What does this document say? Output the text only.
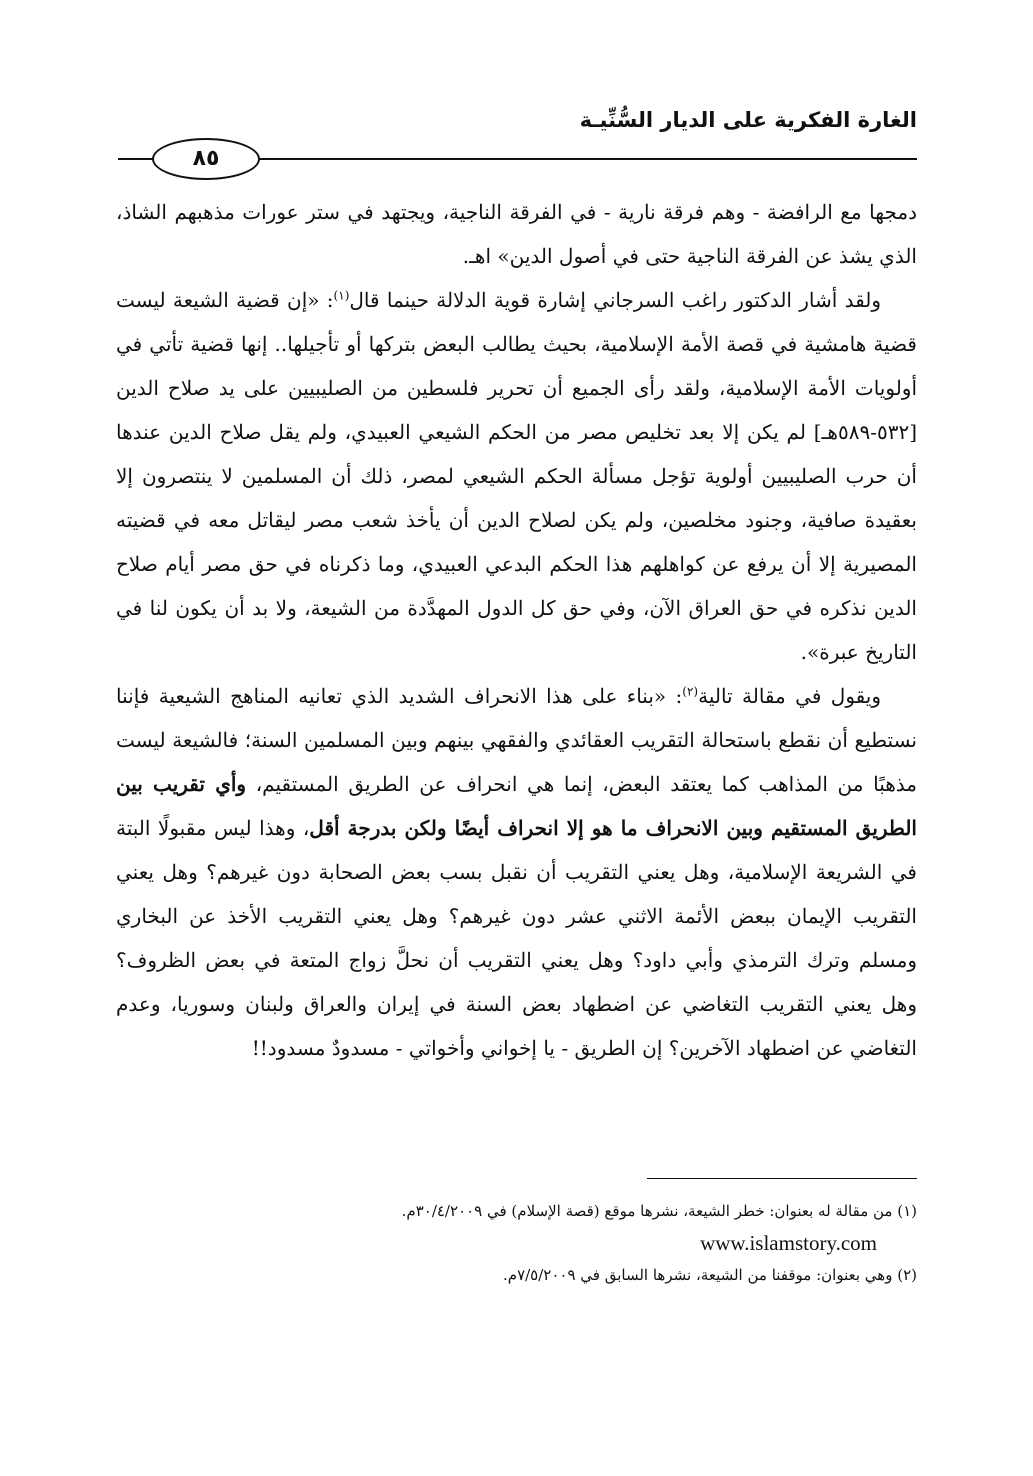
الغارة الفكرية على الديار السُّنِّيـة
٨٥

دمجها مع الرافضة - وهم فرقة نارية - في الفرقة الناجية، ويجتهد في ستر عورات مذهبهم الشاذ، الذي يشذ عن الفرقة الناجية حتى في أصول الدين» اهـ.

ولقد أشار الدكتور راغب السرجاني إشارة قوية الدلالة حينما قال$^{(١)}$: «إن قضية الشيعة ليست قضية هامشية في قصة الأمة الإسلامية، بحيث يطالب البعض بتركها أو تأجيلها.. إنها قضية تأتي في أولويات الأمة الإسلامية، ولقد رأى الجميع أن تحرير فلسطين من الصليبيين على يد صلاح الدين [٥٣٢-٥٨٩هـ] لم يكن إلا بعد تخليص مصر من الحكم الشيعي العبيدي، ولم يقل صلاح الدين عندها أن حرب الصليبيين أولوية تؤجل مسألة الحكم الشيعي لمصر، ذلك أن المسلمين لا ينتصرون إلا بعقيدة صافية، وجنود مخلصين، ولم يكن لصلاح الدين أن يأخذ شعب مصر ليقاتل معه في قضيته المصيرية إلا أن يرفع عن كواهلهم هذا الحكم البدعي العبيدي، وما ذكرناه في حق مصر أيام صلاح الدين نذكره في حق العراق الآن، وفي حق كل الدول المهدَّدة من الشيعة، ولا بد أن يكون لنا في التاريخ عبرة».

ويقول في مقالة تالية$^{(٢)}$: «بناء على هذا الانحراف الشديد الذي تعانيه المناهج الشيعية فإننا نستطيع أن نقطع باستحالة التقريب العقائدي والفقهي بينهم وبين المسلمين السنة؛ فالشيعة ليست مذهبًا من المذاهب كما يعتقد البعض، إنما هي انحراف عن الطريق المستقيم، وأي تقريب بين الطريق المستقيم وبين الانحراف ما هو إلا انحراف أيضًا ولكن بدرجة أقل، وهذا ليس مقبولًا البتة في الشريعة الإسلامية، وهل يعني التقريب أن نقبل بسب بعض الصحابة دون غيرهم؟ وهل يعني التقريب الإيمان ببعض الأئمة الاثني عشر دون غيرهم؟ وهل يعني التقريب الأخذ عن البخاري ومسلم وترك الترمذي وأبي داود؟ وهل يعني التقريب أن نحلَّ زواج المتعة في بعض الظروف؟ وهل يعني التقريب التغاضي عن اضطهاد بعض السنة في إيران والعراق ولبنان وسوريا، وعدم التغاضي عن اضطهاد الآخرين؟ إن الطريق - يا إخواني وأخواتي - مسدودٌ مسدود!!

(١) من مقالة له بعنوان: خطر الشيعة، نشرها موقع (قصة الإسلام) في ٣٠/٤/٢٠٠٩م.

www.islamstory.com

(٢) وهي بعنوان: موقفنا من الشيعة، نشرها السابق في ٧/٥/٢٠٠٩م.
